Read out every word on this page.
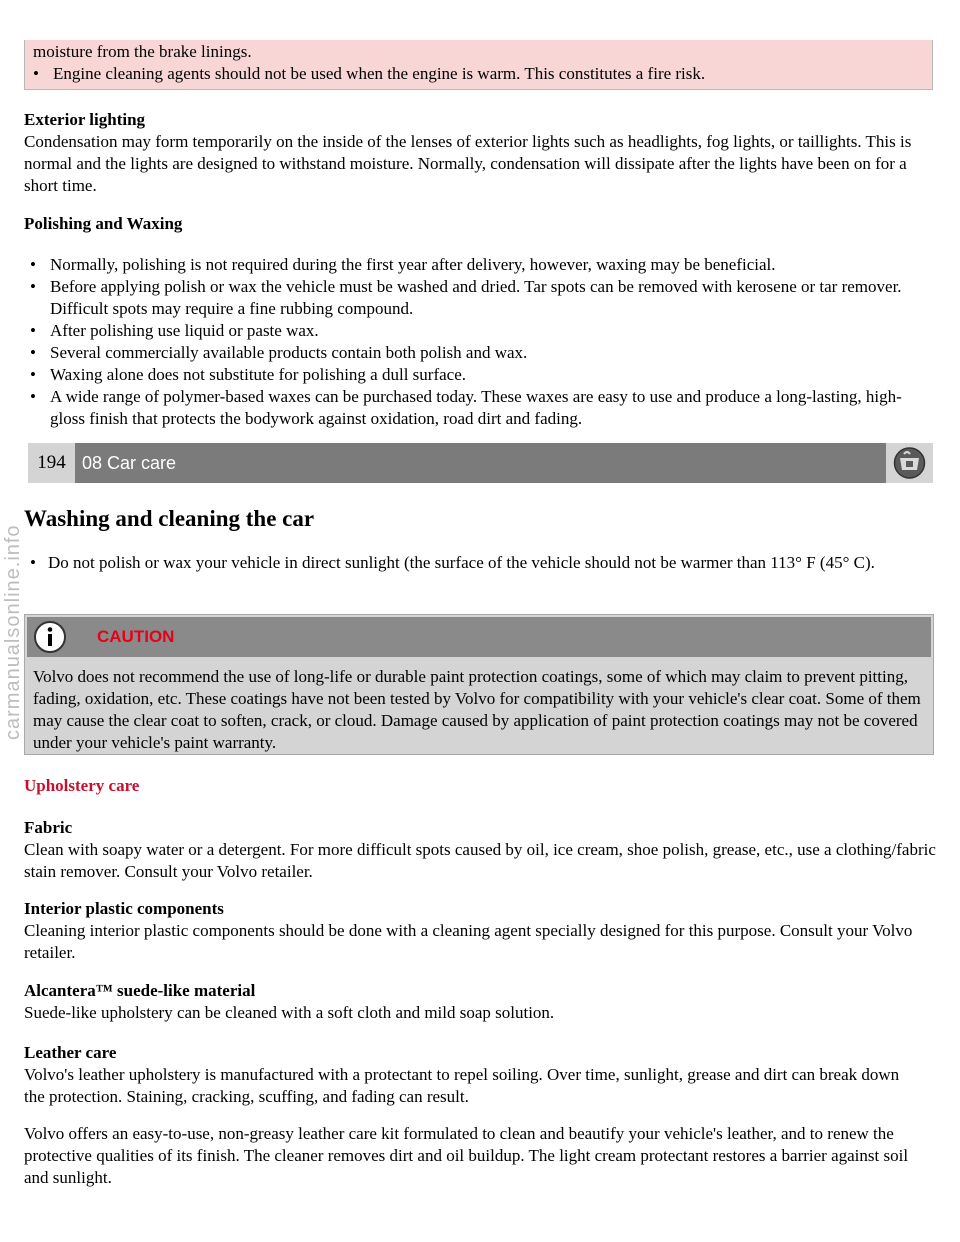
moisture from the brake linings.

• Engine cleaning agents should not be used when the engine is warm. This constitutes a fire risk.

Exterior lighting

Condensation may form temporarily on the inside of the lenses of exterior lights such as headlights, fog lights, or taillights. This is normal and the lights are designed to withstand moisture. Normally, condensation will dissipate after the lights have been on for a short time.

Polishing and Waxing

• Normally, polishing is not required during the first year after delivery, however, waxing may be beneficial.

• Before applying polish or wax the vehicle must be washed and dried. Tar spots can be removed with kerosene or tar remover. Difficult spots may require a fine rubbing compound.

• After polishing use liquid or paste wax.

• Several commercially available products contain both polish and wax.

• Waxing alone does not substitute for polishing a dull surface.

• A wide range of polymer-based waxes can be purchased today. These waxes are easy to use and produce a long-lasting, high-gloss finish that protects the bodywork against oxidation, road dirt and fading.

194 08 Car care
Washing and cleaning the car

• Do not polish or wax your vehicle in direct sunlight (the surface of the vehicle should not be warmer than 113° F (45° C).

CAUTION

Volvo does not recommend the use of long-life or durable paint protection coatings, some of which may claim to prevent pitting, fading, oxidation, etc. These coatings have not been tested by Volvo for compatibility with your vehicle's clear coat. Some of them may cause the clear coat to soften, crack, or cloud. Damage caused by application of paint protection coatings may not be covered under your vehicle's paint warranty.

Upholstery care

Fabric

Clean with soapy water or a detergent. For more difficult spots caused by oil, ice cream, shoe polish, grease, etc., use a clothing/fabric stain remover. Consult your Volvo retailer.

Interior plastic components

Cleaning interior plastic components should be done with a cleaning agent specially designed for this purpose. Consult your Volvo retailer.

Alcantera™ suede-like material

Suede-like upholstery can be cleaned with a soft cloth and mild soap solution.

Leather care

Volvo's leather upholstery is manufactured with a protectant to repel soiling. Over time, sunlight, grease and dirt can break down the protection. Staining, cracking, scuffing, and fading can result.

Volvo offers an easy-to-use, non-greasy leather care kit formulated to clean and beautify your vehicle's leather, and to renew the protective qualities of its finish. The cleaner removes dirt and oil buildup. The light cream protectant restores a barrier against soil and sunlight.

carmanualsonline.info
